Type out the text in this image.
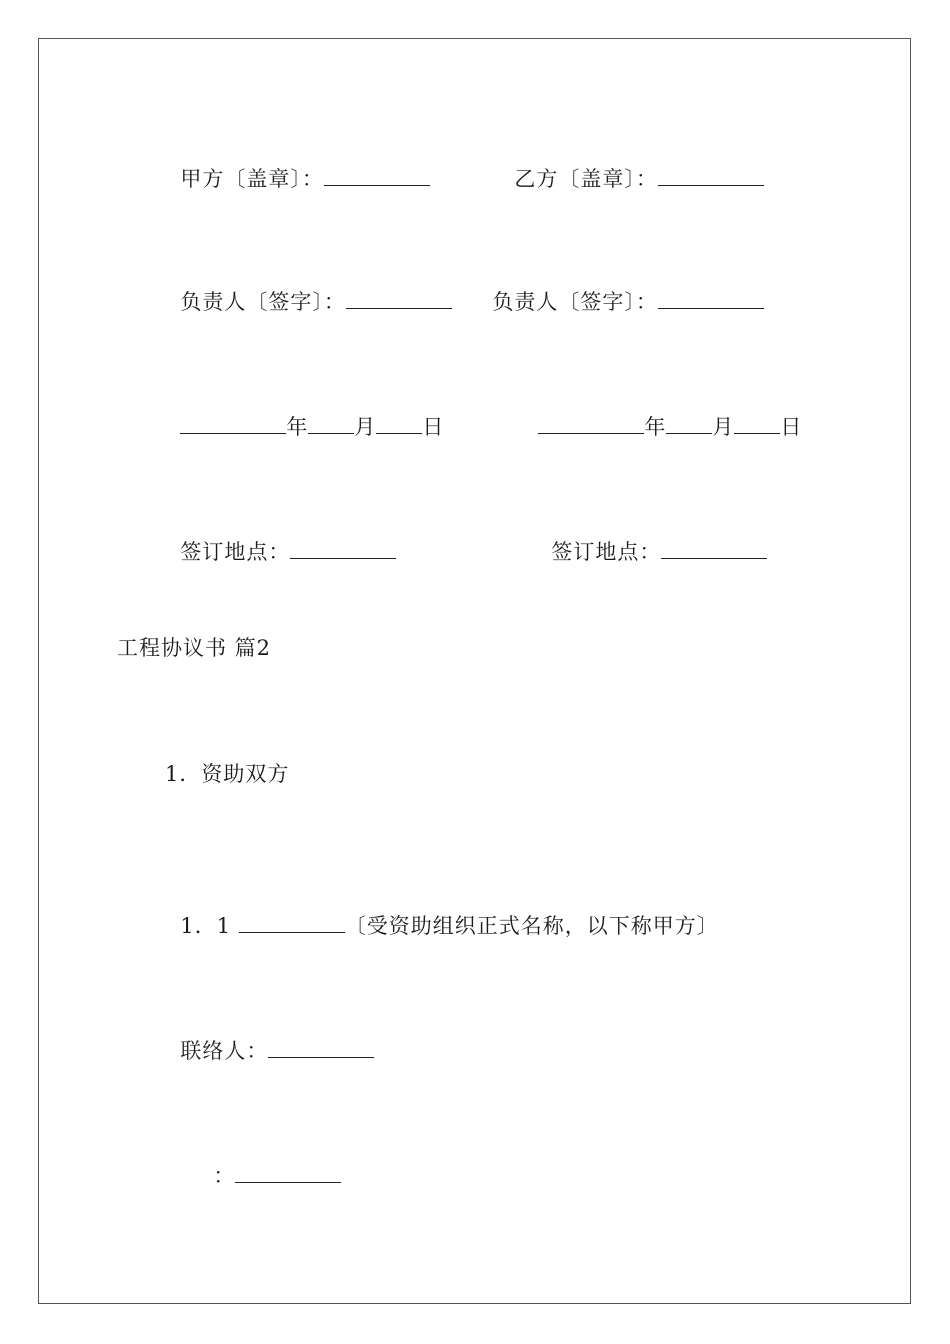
甲方〔盖章〕：	乙方〔盖章〕：

负责人〔签字〕：	负责人〔签字〕：

年 月 日	年 月 日

签订地点：	签订地点：

工程协议书 篇2
1．资助双方

1．1	〔受资助组织正式名称，以下称甲方〕

联络人：

：
